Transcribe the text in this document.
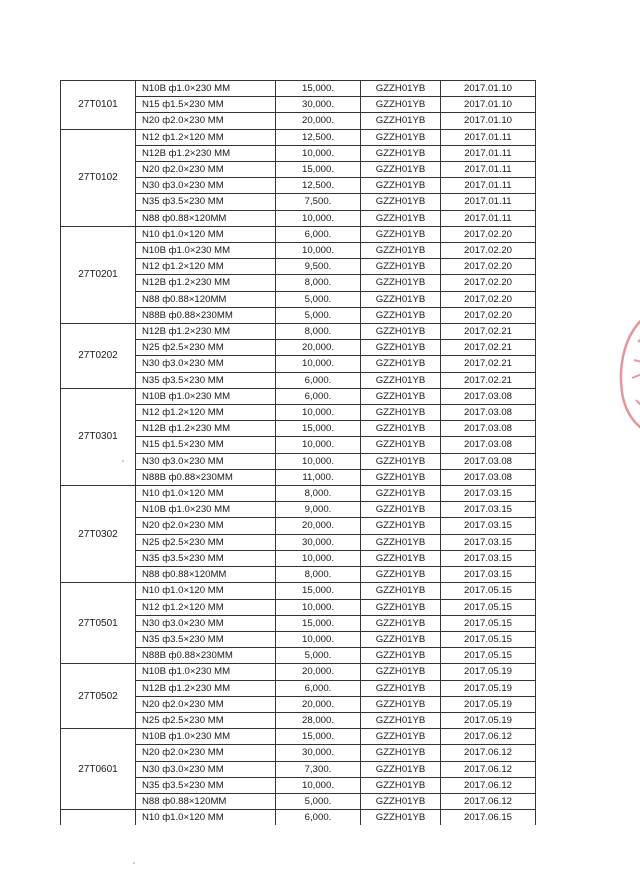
27T0101	N10B ф1.0×230 MM	15,000.	GZZH01YB	2017.01.10
	N15 ф1.5×230 MM	30,000.	GZZH01YB	2017.01.10
	N20 ф2.0×230 MM	20,000.	GZZH01YB	2017.01.10
27T0102	N12 ф1.2×120 MM	12,500.	GZZH01YB	2017.01.11
	N12B ф1.2×230 MM	10,000.	GZZH01YB	2017.01.11
	N20 ф2.0×230 MM	15,000.	GZZH01YB	2017.01.11
	N30 ф3.0×230 MM	12,500.	GZZH01YB	2017.01.11
	N35 ф3.5×230 MM	7,500.	GZZH01YB	2017.01.11
	N88 ф0.88×120MM	10,000.	GZZH01YB	2017.01.11
27T0201	N10 ф1.0×120 MM	6,000.	GZZH01YB	2017.02.20
	N10B ф1.0×230 MM	10,000.	GZZH01YB	2017.02.20
	N12 ф1.2×120 MM	9,500.	GZZH01YB	2017.02.20
	N12B ф1.2×230 MM	8,000.	GZZH01YB	2017.02.20
	N88 ф0.88×120MM	5,000.	GZZH01YB	2017.02.20
	N88B ф0.88×230MM	5,000.	GZZH01YB	2017.02.20
27T0202	N12B ф1.2×230 MM	8,000.	GZZH01YB	2017.02.21
	N25 ф2.5×230 MM	20,000.	GZZH01YB	2017.02.21
	N30 ф3.0×230 MM	10,000.	GZZH01YB	2017.02.21
	N35 ф3.5×230 MM	6,000.	GZZH01YB	2017.02.21
27T0301	N10B ф1.0×230 MM	6,000.	GZZH01YB	2017.03.08
	N12 ф1.2×120 MM	10,000.	GZZH01YB	2017.03.08
	N12B ф1.2×230 MM	15,000.	GZZH01YB	2017.03.08
	N15 ф1.5×230 MM	10,000.	GZZH01YB	2017.03.08
	N30 ф3.0×230 MM	10,000.	GZZH01YB	2017.03.08
	N88B ф0.88×230MM	11,000.	GZZH01YB	2017.03.08
27T0302	N10 ф1.0×120 MM	8,000.	GZZH01YB	2017.03.15
	N10B ф1.0×230 MM	9,000.	GZZH01YB	2017.03.15
	N20 ф2.0×230 MM	20,000.	GZZH01YB	2017.03.15
	N25 ф2.5×230 MM	30,000.	GZZH01YB	2017.03.15
	N35 ф3.5×230 MM	10,000.	GZZH01YB	2017.03.15
	N88 ф0.88×120MM	8,000.	GZZH01YB	2017.03.15
27T0501	N10 ф1.0×120 MM	15,000.	GZZH01YB	2017.05.15
	N12 ф1.2×120 MM	10,000.	GZZH01YB	2017.05.15
	N30 ф3.0×230 MM	15,000.	GZZH01YB	2017.05.15
	N35 ф3.5×230 MM	10,000.	GZZH01YB	2017.05.15
	N88B ф0.88×230MM	5,000.	GZZH01YB	2017.05.15
27T0502	N10B ф1.0×230 MM	20,000.	GZZH01YB	2017.05.19
	N12B ф1.2×230 MM	6,000.	GZZH01YB	2017.05.19
	N20 ф2.0×230 MM	20,000.	GZZH01YB	2017.05.19
	N25 ф2.5×230 MM	28,000.	GZZH01YB	2017.05.19
27T0601	N10B ф1.0×230 MM	15,000.	GZZH01YB	2017.06.12
	N20 ф2.0×230 MM	30,000.	GZZH01YB	2017.06.12
	N30 ф3.0×230 MM	7,300.	GZZH01YB	2017.06.12
	N35 ф3.5×230 MM	10,000.	GZZH01YB	2017.06.12
	N88 ф0.88×120MM	5,000.	GZZH01YB	2017.06.12
	N10 ф1.0×120 MM	6,000.	GZZH01YB	2017.06.15
